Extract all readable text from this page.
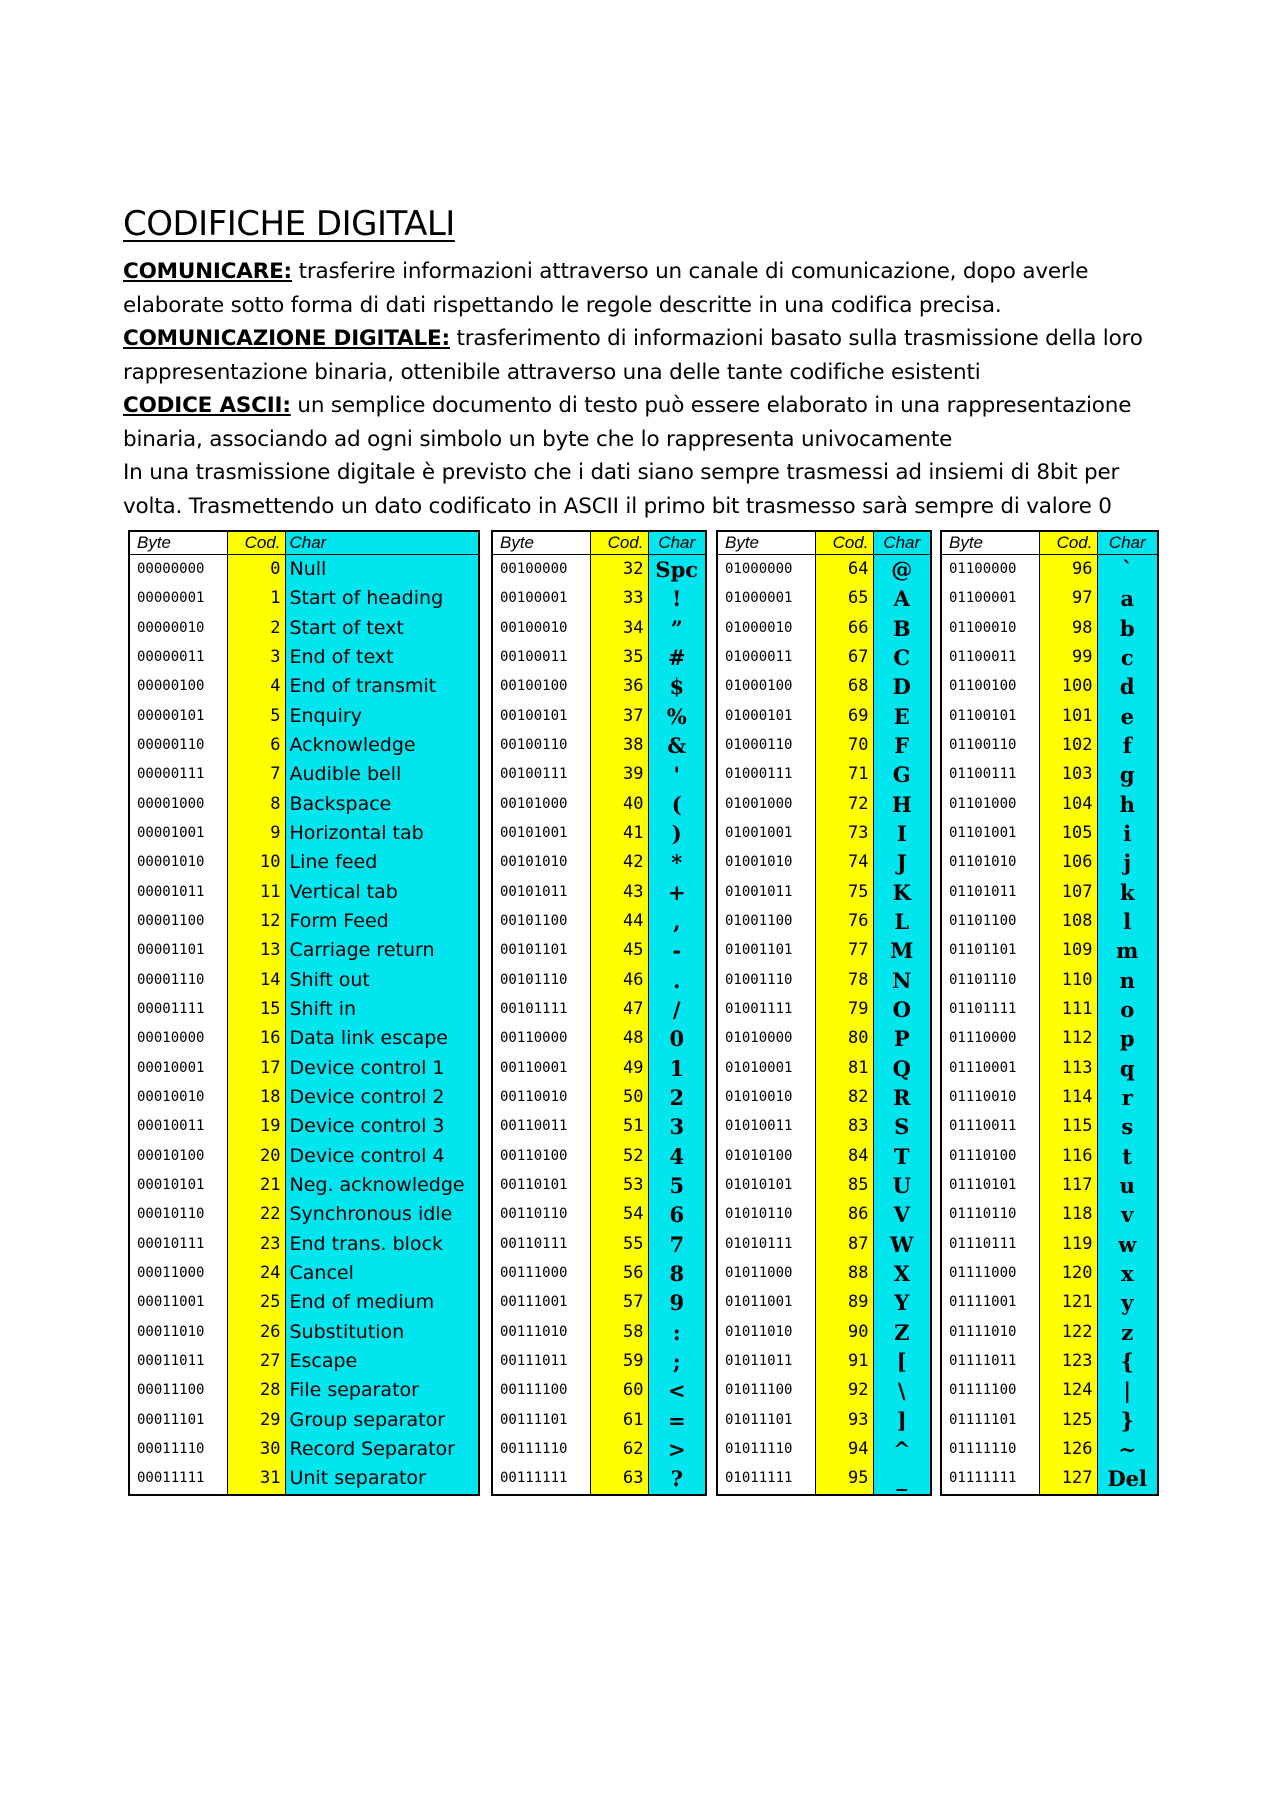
CODIFICHE DIGITALI

COMUNICARE: trasferire informazioni attraverso un canale di comunicazione, dopo averle elaborate sotto forma di dati rispettando le regole descritte in una codifica precisa.

COMUNICAZIONE DIGITALE: trasferimento di informazioni basato sulla trasmissione della loro rappresentazione binaria, ottenibile attraverso una delle tante codifiche esistenti

CODICE ASCII: un semplice documento di testo può essere elaborato in una rappresentazione binaria, associando ad ogni simbolo un byte che lo rappresenta univocamente

In una trasmissione digitale è previsto che i dati siano sempre trasmessi ad insiemi di 8bit per volta. Trasmettendo un dato codificato in ASCII il primo bit trasmesso sarà sempre di valore 0

Byte	Cod.	Char
00000000	0	Null
00000001	1	Start of heading
00000010	2	Start of text
00000011	3	End of text
00000100	4	End of transmit
00000101	5	Enquiry
00000110	6	Acknowledge
00000111	7	Audible bell
00001000	8	Backspace
00001001	9	Horizontal tab
00001010	10	Line feed
00001011	11	Vertical tab
00001100	12	Form Feed
00001101	13	Carriage return
00001110	14	Shift out
00001111	15	Shift in
00010000	16	Data link escape
00010001	17	Device control 1
00010010	18	Device control 2
00010011	19	Device control 3
00010100	20	Device control 4
00010101	21	Neg. acknowledge
00010110	22	Synchronous idle
00010111	23	End trans. block
00011000	24	Cancel
00011001	25	End of medium
00011010	26	Substitution
00011011	27	Escape
00011100	28	File separator
00011101	29	Group separator
00011110	30	Record Separator
00011111	31	Unit separator
Byte	Cod.	Char
00100000	32	Spc
00100001	33	!
00100010	34	”
00100011	35	#
00100100	36	$
00100101	37	%
00100110	38	&
00100111	39	'
00101000	40	(
00101001	41	)
00101010	42	*
00101011	43	+
00101100	44	,
00101101	45	-
00101110	46	.
00101111	47	/
00110000	48	0
00110001	49	1
00110010	50	2
00110011	51	3
00110100	52	4
00110101	53	5
00110110	54	6
00110111	55	7
00111000	56	8
00111001	57	9
00111010	58	:
00111011	59	;
00111100	60	<
00111101	61	=
00111110	62	>
00111111	63	?
Byte	Cod.	Char
01000000	64	@
01000001	65	A
01000010	66	B
01000011	67	C
01000100	68	D
01000101	69	E
01000110	70	F
01000111	71	G
01001000	72	H
01001001	73	I
01001010	74	J
01001011	75	K
01001100	76	L
01001101	77	M
01001110	78	N
01001111	79	O
01010000	80	P
01010001	81	Q
01010010	82	R
01010011	83	S
01010100	84	T
01010101	85	U
01010110	86	V
01010111	87	W
01011000	88	X
01011001	89	Y
01011010	90	Z
01011011	91	[
01011100	92	\
01011101	93	]
01011110	94	^
01011111	95	_
Byte	Cod.	Char
01100000	96	`
01100001	97	a
01100010	98	b
01100011	99	c
01100100	100	d
01100101	101	e
01100110	102	f
01100111	103	g
01101000	104	h
01101001	105	i
01101010	106	j
01101011	107	k
01101100	108	l
01101101	109	m
01101110	110	n
01101111	111	o
01110000	112	p
01110001	113	q
01110010	114	r
01110011	115	s
01110100	116	t
01110101	117	u
01110110	118	v
01110111	119	w
01111000	120	x
01111001	121	y
01111010	122	z
01111011	123	{
01111100	124	|
01111101	125	}
01111110	126	~
01111111	127	Del
